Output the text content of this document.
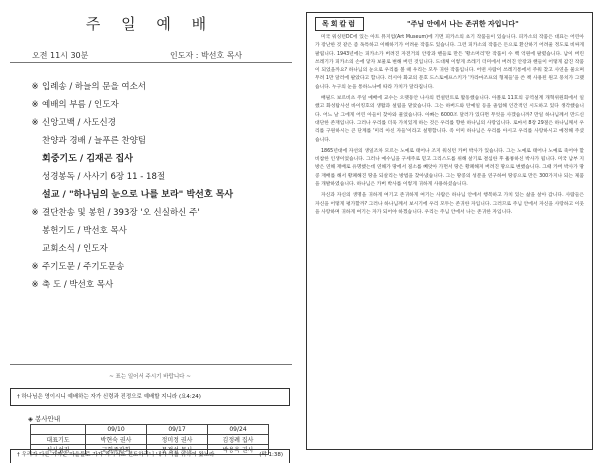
주 일 예 배
오전 11시 30분	인도자 : 박선호 목사
※ 입례송 / 하늘의 문을 여소서
※ 예배의 부름 / 인도자
※ 신앙고백 / 사도신경
찬양과 경배 / 늘푸른 찬양팀
회중기도 / 김재곤 집사
성경봉독 / 사사기 6장 11 - 18절
설교 / "하나님의 눈으로 나를 보라" 박선호 목사
※ 결단찬송 및 봉헌 / 393장 '오 신실하신 주'
봉헌기도 / 박선호 목사
교회소식 / 인도자
※ 주기도문 / 주기도문송
※ 축 도 / 박선호 목사
~ 표는 일어서 주시기 바랍니다 ~
† 하나님은 영이시니 예배하는 자가 신령과 진정으로 예배할 지니라 (요4:24)
◈ 봉사안내
	09/10	09/17	09/24
대표기도	박현숙 권사	정미정 권사	김정례 집사
식사섬김	교회주관회	문정선 목사	박용옥 권사
† 우리가 다른 가까운 마을들로 가자 거기서도 전도하리니 내가 이를 위하여 왔노라	(막 1:38)
목회칼럼	"주님 안에서 나는 존귀한 자입니다"
미국 워싱턴DC에 있는 아트 뮤지엄(Art Museum)에 기면 피카소의 초기 작품들이 있습니다. 피카소의 작품은 대표는 어린아가 장난한 것 같은 좀 독특하고 이해하기가 어려운 작품도 있습니다. 그런 피카소의 작품은 돈으로 환산하기 어려울 정도로 비싸게 팔립니다. 1943년에는 피카소가 버려진 자전거의 안장과 핸들로 만든 '황소머리'란 작품이 수 백 억원에 팔렸습니다. 남이 버린 쓰레기가 피카소의 손에 닿자 보물로 변해 버린 것입니다. 도대체 이렇게 쓰레기 더미에서 버려진 안장과 핸들이 어떻게 값진 작품이 되었을까요? 하나님의 눈으로 우리를 볼 때 우리는 모두 귀한 작품입니다. 어떤 사람이 쓰레기통에서 주워 찾고 사연을 물으며 무려 1만 달러에 팔았다고 합니다. 러시아 화교의 문호 도스토예프스키가 '카라마조프의 형제들'을 쓴 책 사용된 원고 뭉치가 그랬습니다. 누구의 눈을 통하느냐에 따라 가치가 달라집니다.
배필드 보르비츠 주일 예배에 교수는 오랫동안 나사의 컨설턴트로 활동했습니다. 아폴로 11호의 공역설계 개혁위원회에서 일했고 화성탐사선 바이킹호의 생활과 설립을 맡았습니다. 그는 하버드와 탄예일 등을 졸업해 인간적인 시도하고 있다 생각했습니다. 어느 날 그에게 어린 아들이 찾아와 물었습니다. 아빠는 6000조 달러가 있다면 무엇을 사겠습니까? 만일 하나님께서 만드신 대단한 존재입니다. 그러나 우리를 더욱 가치있게 하는 것은 우리를 향한 하나님의 사랑입니다. 로마서 8장 29절은 하나님께서 우리를 구원하시는 큰 단계를 '미리 아신 자들'이라고 설명합니다. 즉 이미 하나님은 우리를 아시고 우리를 사랑하시고 예정해 주셨습니다.
1865년대에 자선의 생일조차 모르는 노예로 태어나 조지 워싱턴 카버 박사가 있습니다. 그는 노예로 태어나 노예로 죽어야 할 비참한 인생이었습니다. 그러나 예수님을 구세주로 믿고 그리스도를 위해 살기로 결심한 후 훌륭하신 박사가 됩니다. 미국 남부 지방은 연해 재배로 유명했는데 연해가 땅에서 질소를 빼앗아 가면서 땅은 황폐해져 버려진 땅으로 변했습니다. 그때 카버 박사가 땅콩 재배를 해서 황폐해진 땅을 되살리는 방법을 찾아냈습니다. 그는 땅콩의 성분을 연구하여 땅콩으로 만든 300가지나 되는 제품을 개발하였습니다. 하나님은 카버 박사를 이렇게 귀하게 사용하셨습니다.
자신과 자신의 생명을 귀하게 여기고 존귀하게 여기는 사람은 하나님 안에서 행복하고 가치 있는 삶을 살아 갑니다. 사람들은 자신을 어떻게 평가할까? 그러나 하나님께서 보시기에 우리 모두는 존귀한 자입니다. 그러므로 주님 안에서 자신을 사랑하고 이웃을 사랑하며 귀하게 여기는 자가 되어야 하겠습니다. 우리는 주님 안에서 나는 존귀한 자입니다.
